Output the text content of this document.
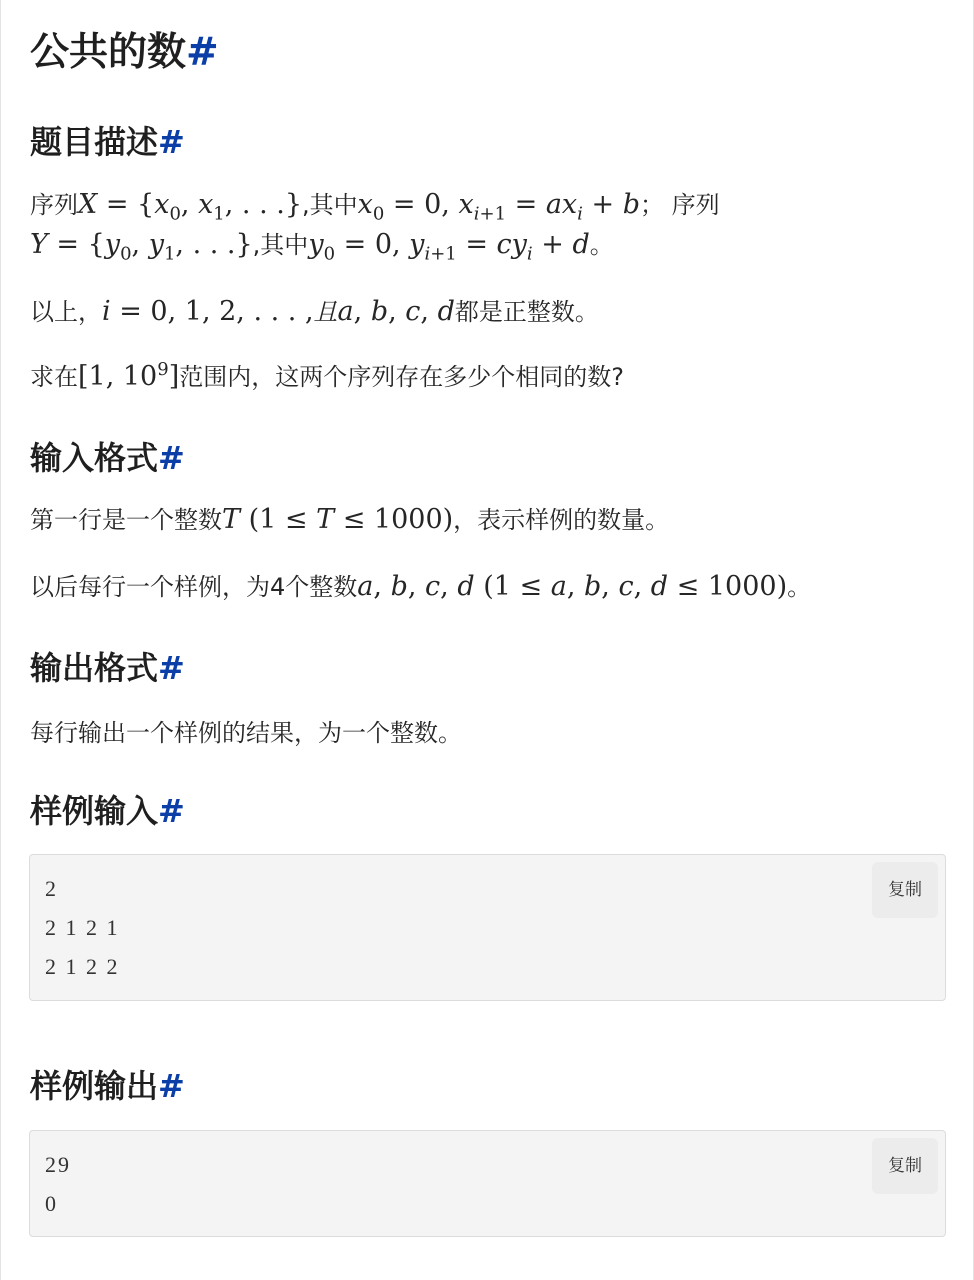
公共的数#
题目描述#

序列$X = \{x_0$, $x_1$, . . .},其中$x_0 = 0$, $x_{i+1} = ax_i + b$； 序列

$Y = \{y_0$, $y_1$, . . .},其中$y_0 = 0$, $y_{i+1} = cy_i + d$。

以上，i = 0, 1, 2, . . . ,且a, b, c, d都是正整数。

求在[1, $10^9$]范围内，这两个序列存在多少个相同的数?

输入格式#

第一行是一个整数T (1 ≤ T ≤ 1000)，表示样例的数量。

以后每行一个样例，为4个整数a, b, c, d (1 ≤ a, b, c, d ≤ 1000)。

输出格式#

每行输出一个样例的结果，为一个整数。

样例输入#
2
2 1 2 1
2 1 2 2
复制
样例输出#
29
0
复制
